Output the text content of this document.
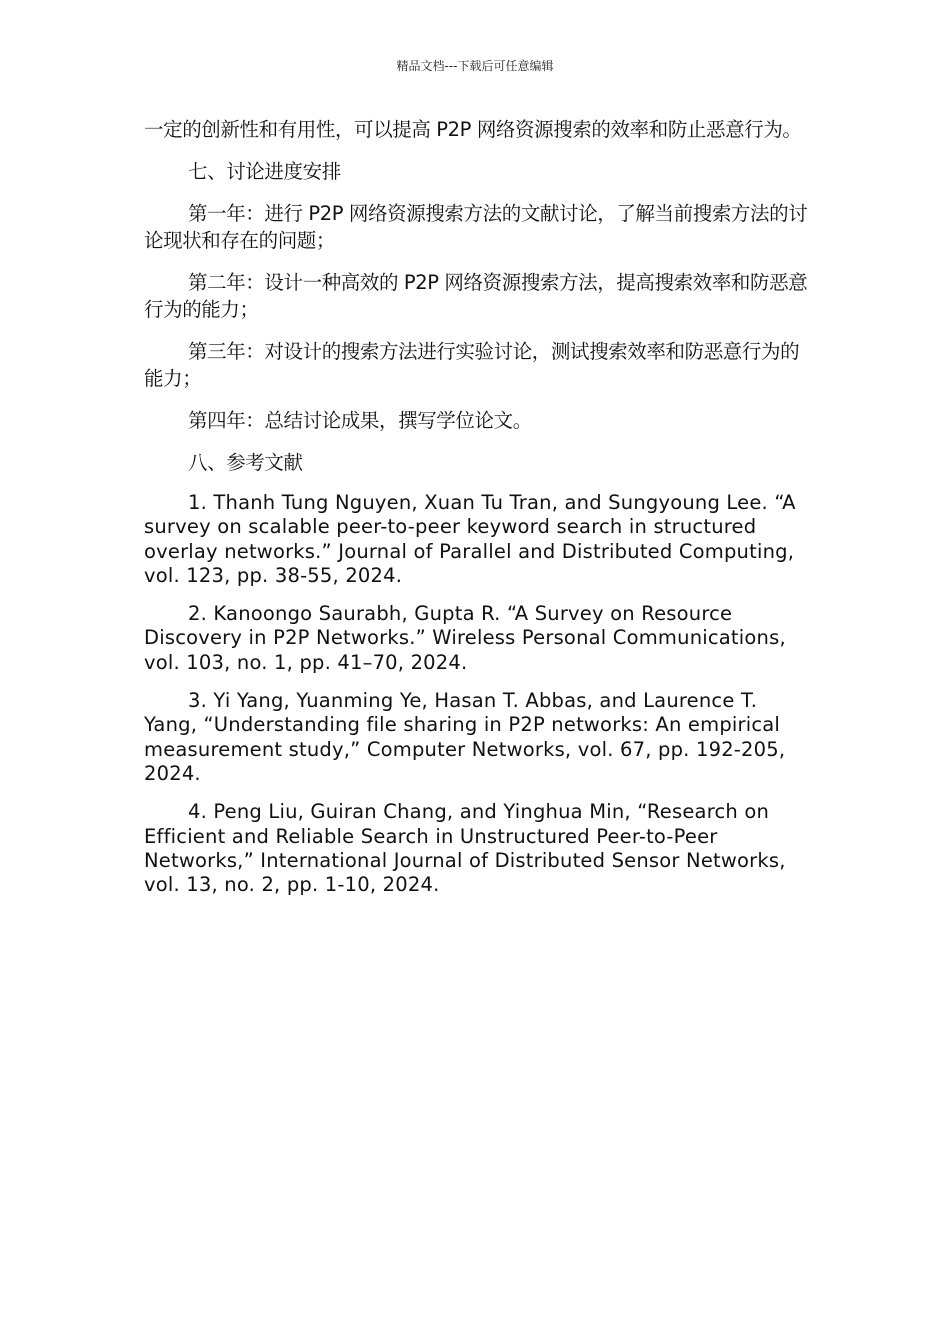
精品文档---下载后可任意编辑

一定的创新性和有用性，可以提高 P2P 网络资源搜索的效率和防止恶意行为。

七、讨论进度安排

第一年：进行 P2P 网络资源搜索方法的文献讨论，了解当前搜索方法的讨论现状和存在的问题；

第二年：设计一种高效的 P2P 网络资源搜索方法，提高搜索效率和防恶意行为的能力；

第三年：对设计的搜索方法进行实验讨论，测试搜索效率和防恶意行为的能力；

第四年：总结讨论成果，撰写学位论文。

八、参考文献

1. Thanh Tung Nguyen, Xuan Tu Tran, and Sungyoung Lee. “A survey on scalable peer-to-peer keyword search in structured overlay networks.” Journal of Parallel and Distributed Computing, vol. 123, pp. 38-55, 2024.

2. Kanoongo Saurabh, Gupta R. “A Survey on Resource Discovery in P2P Networks.” Wireless Personal Communications, vol. 103, no. 1, pp. 41–70, 2024.

3. Yi Yang, Yuanming Ye, Hasan T. Abbas, and Laurence T. Yang, “Understanding file sharing in P2P networks: An empirical measurement study,” Computer Networks, vol. 67, pp. 192-205, 2024.

4. Peng Liu, Guiran Chang, and Yinghua Min, “Research on Efficient and Reliable Search in Unstructured Peer-to-Peer Networks,” International Journal of Distributed Sensor Networks, vol. 13, no. 2, pp. 1-10, 2024.
